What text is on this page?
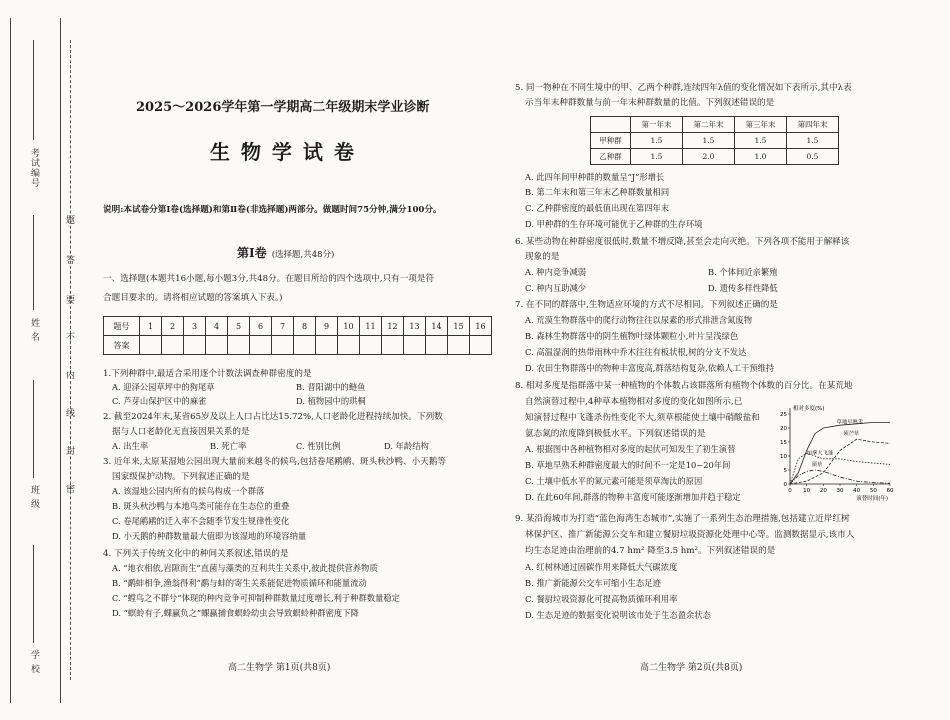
考试编号
姓 名
班 级
学 校
题
答
要
不
内
线
封
密
2025～2026学年第一学期高二年级期末学业诊断
生 物 学 试 卷
说明:本试卷分第Ⅰ卷(选择题)和第Ⅱ卷(非选择题)两部分。做题时间75分钟,满分100分。
第Ⅰ卷 (选择题,共48分)
一、选择题(本题共16小题,每小题3分,共48分。在题目所给的四个选项中,只有一项是符
合题目要求的。请将相应试题的答案填入下表。)
题号	1	2	3	4	5	6	7	8	9	10	11	12	13	14	15	16
答案																
1.下列种群中,最适合采用逐个计数法调查种群密度的是
A. 迎泽公园草坪中的狗尾草	B. 晋阳湖中的鲢鱼
C. 芦芽山保护区中的麻雀	D. 植物园中的珙桐
2. 截至2024年末,某省65岁及以上人口占比达15.72%,人口老龄化进程持续加快。下列数
据与人口老龄化无直接因果关系的是
A. 出生率	B. 死亡率	C. 性别比例	D. 年龄结构
3. 近年来,太原某湿地公园出现大量前来越冬的候鸟,包括卷尾鹇鹇、斑头秋沙鸭、小天鹅等
国家级保护动物。下列叙述正确的是
A. 该湿地公园内所有的候鸟构成一个群落
B. 斑头秋沙鸭与本地鸟类可能存在生态位的重叠
C. 卷尾鹇鹇的迁入率不会随季节发生规律性变化
D. 小天鹅的种群数量最大值即为该湿地的环境容纳量
4. 下列关于传统文化中的种间关系叙述,错误的是
A. “地衣相依,岩隙而生”直菌与藻类的互利共生关系中,彼此提供营养物质
B. “鹬蚌相争,渔翁得利”鹬与蚌的寄生关系能促进物质循环和能量流动
C. “螳鸟之不群兮”体现的种内竞争可抑制种群数量过度增长,利于种群数量稳定
D. “螟蛉有子,蜾蠃负之”蜾蠃捕食螟蛉幼虫会导致螟蛉种群密度下降
高二生物学 第1页(共8页)
5. 同一物种在不同生境中的甲、乙两个种群,连续四年λ值的变化情况如下表所示,其中λ表
示当年末种群数量与前一年末种群数量的比值。下列叙述错误的是
	第一年末	第二年末	第三年末	第四年末
甲种群	1.5	1.5	1.5	1.5
乙种群	1.5	2.0	1.0	0.5
A. 此四年间甲种群的数量呈“J”形增长
B. 第二年末和第三年末乙种群数量相同
C. 乙种群密度的最低值出现在第四年末
D. 甲种群的生存环境可能优于乙种群的生存环境
6. 某些动物在种群密度很低时,数量不增反降,甚至会走向灭绝。下列各项不能用于解释该
现象的是
A. 种内竞争减弱	B. 个体间近亲繁殖
C. 种内互助减少	D. 遗传多样性降低
7. 在不同的群落中,生物适应环境的方式不尽相同。下列叙述正确的是
A. 荒漠生物群落中的爬行动物往往以尿素的形式排泄含氮废物
B. 森林生物群落中的阴生植物叶绿体颗粒小,叶片呈浅绿色
C. 高温湿润的热带雨林中乔木往往有板状根,树的分支不发达
D. 农田生物群落中的物种丰富度高,群落结构复杂,依赖人工干预维持
8. 相对多度是指群落中某一种植物的个体数占该群落所有植物个体数的百分比。在某荒地
自然演替过程中,4种草本植物相对多度的变化如图所示,已
知演替过程中飞蓬杀伤性变化不大,须草根能使土壤中硝酸盐和
氨态氮的浓度降到极低水平。下列叙述错误的是
A. 根据图中各种植物相对多度的起伏可知发生了初生演替
B. 草地早熟禾种群密度最大的时间不一定是10~20年间
C. 土壤中低水平的氮元素可能是须草淘汰的原因
D. 在此60年间,群落的物种丰富度可能逐渐增加并趋于稳定
0
5
10
15
20
25
0 10 20 30 40 50 60
相对多度(%)
演替时间(年)
草地早熟禾
须芒草
加拿大飞蓬
须草
9. 某沿海城市为打造“蓝色海湾生态城市”,实施了一系列生态治理措施,包括建立近岸红树
林保护区、推广新能源公交车和建立餐厨垃圾资源化处理中心等。监测数据显示,该市人
均生态足迹由治理前的4.7 hm² 降至3.5 hm²。下列叙述错误的是
A. 红树林通过固碳作用来降低大气碳浓度
B. 推广新能源公交车可缩小生态足迹
C. 餐厨垃圾资源化可提高物质循环利用率
D. 生态足迹的数据变化说明该市处于生态盈余状态
高二生物学 第2页(共8页)
